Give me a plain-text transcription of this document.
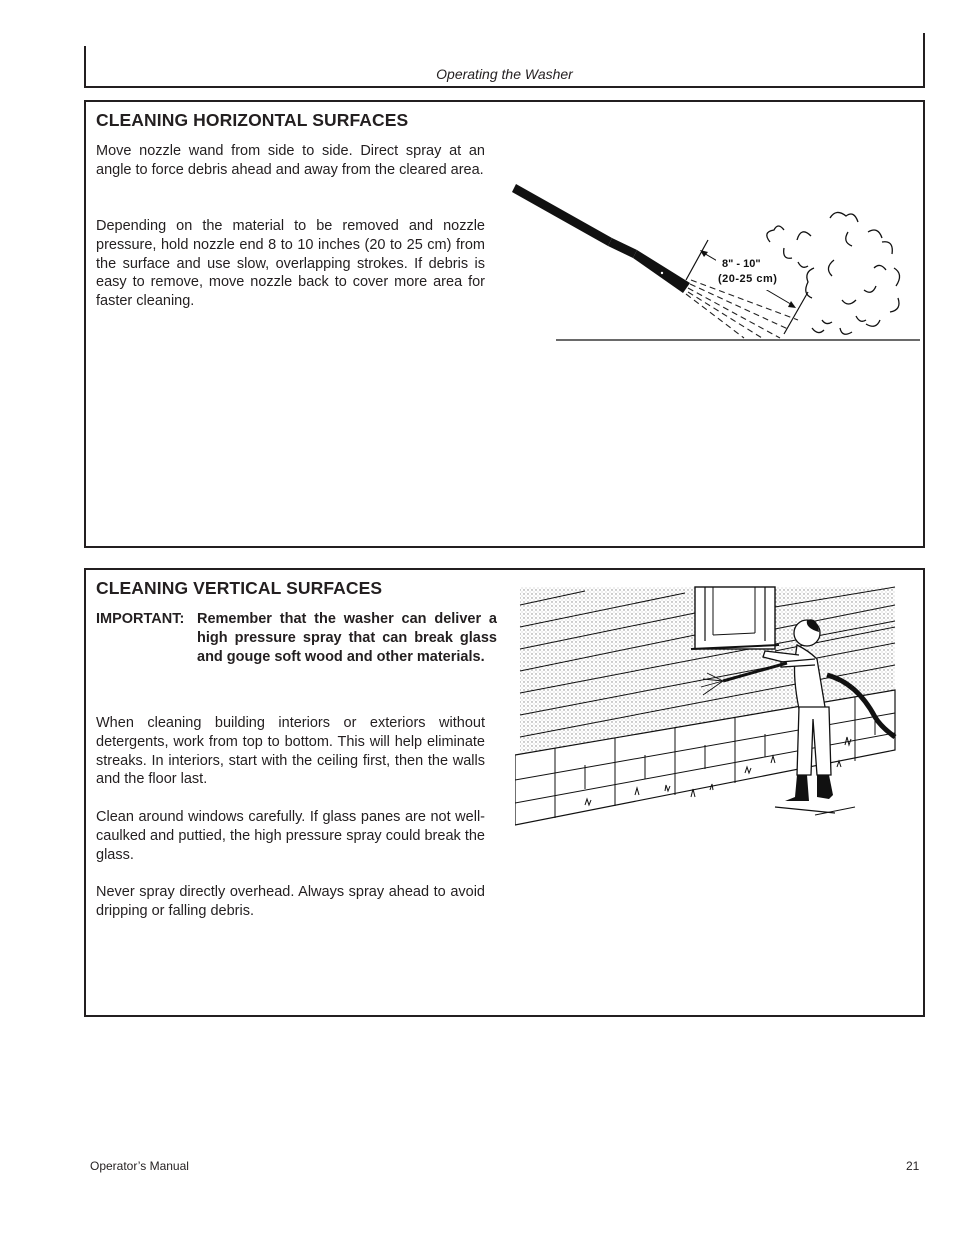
Operating the Washer
CLEANING HORIZONTAL SURFACES

Move nozzle wand from side to side. Direct spray at an angle to force debris ahead and away from the cleared area.

Depending on the material to be removed and nozzle pressure, hold nozzle end 8 to 10 inches (20 to 25 cm) from the surface and use slow, overlapping strokes. If debris is easy to remove, move nozzle back to cover more area for faster cleaning.

8" - 10"
(20-25 cm)
CLEANING VERTICAL SURFACES
IMPORTANT: Remember that the washer can deliver a high pressure spray that can break glass and gouge soft wood and other materials.

When cleaning building interiors or exteriors without detergents, work from top to bottom. This will help eliminate streaks. In interiors, start with the ceiling first, then the walls and the floor last.

Clean around windows carefully. If glass panes are not well-caulked and puttied, the high pressure spray could break the glass.

Never spray directly overhead. Always spray ahead to avoid dripping or falling debris.

Operator’s Manual	21
